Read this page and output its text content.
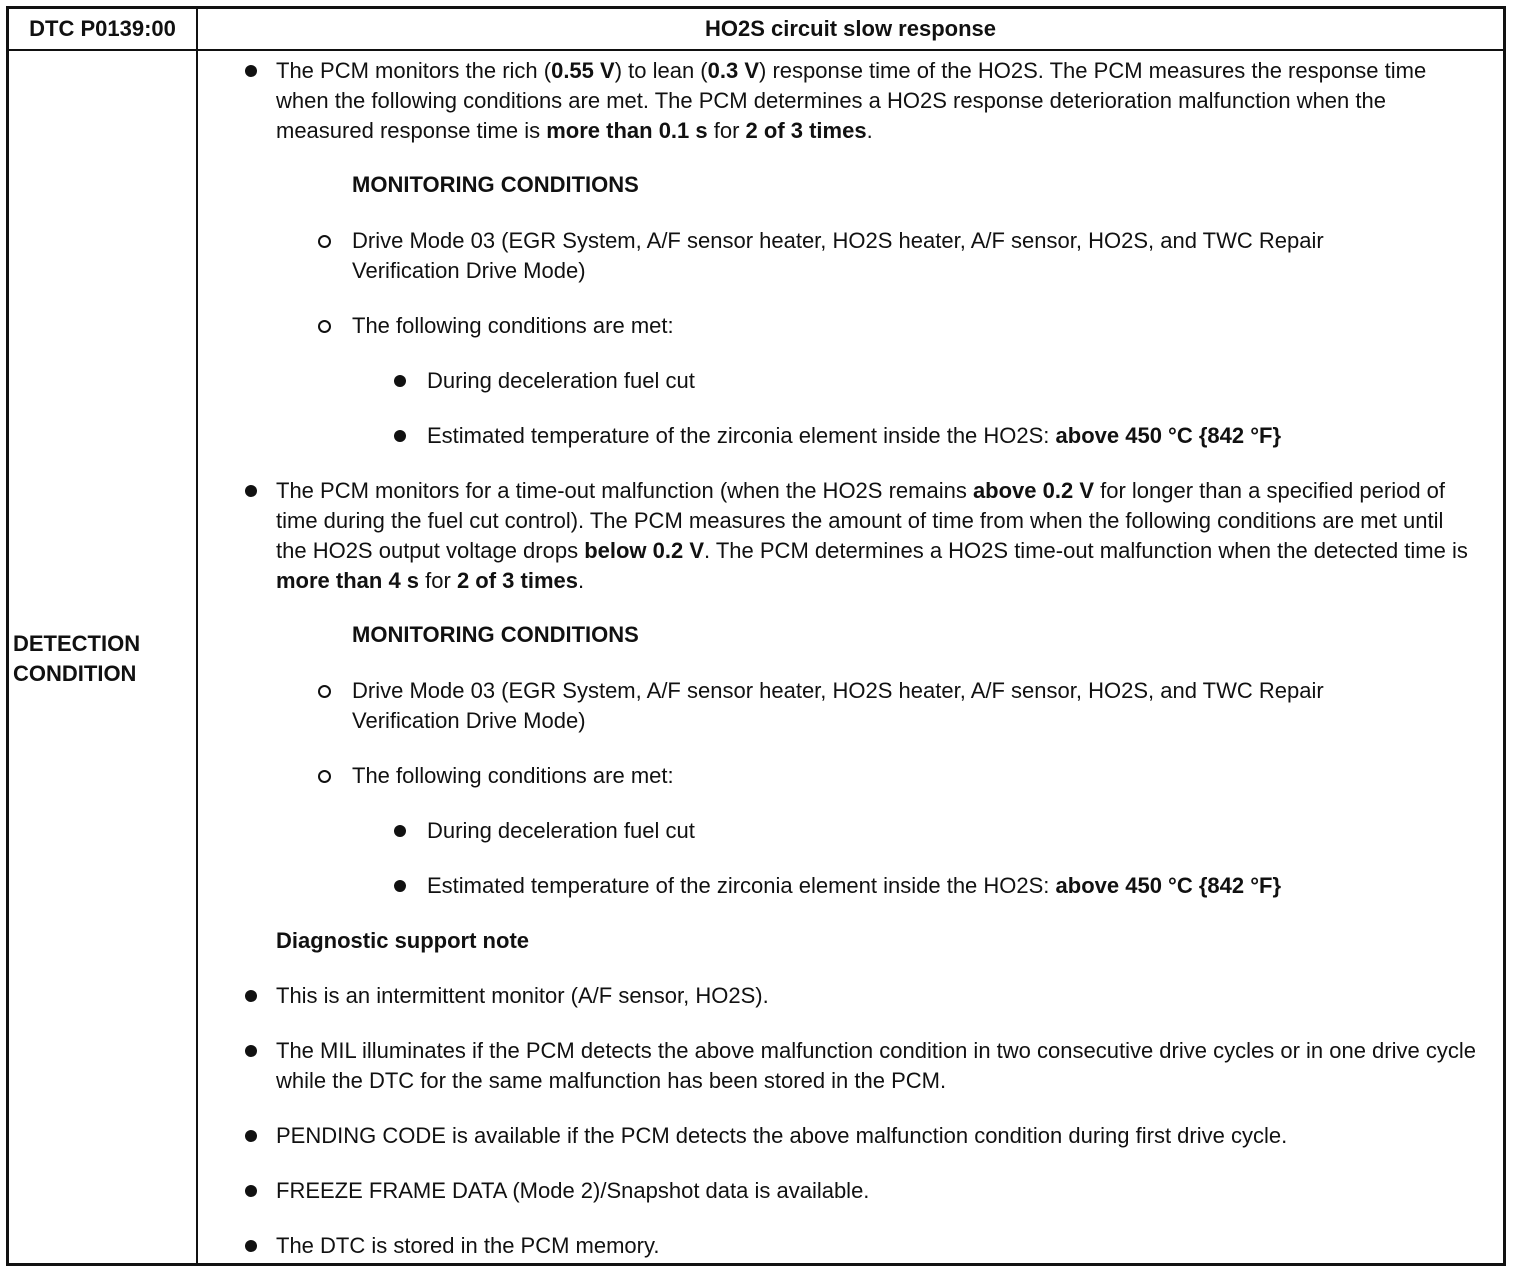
DTC P0139:00	HO2S circuit slow response
DETECTION
CONDITION
The PCM monitors the rich (0.55 V) to lean (0.3 V) response time of the HO2S. The PCM measures the response time when the following conditions are met. The PCM determines a HO2S response deterioration malfunction when the measured response time is more than 0.1 s for 2 of 3 times.
MONITORING CONDITIONS
Drive Mode 03 (EGR System, A/F sensor heater, HO2S heater, A/F sensor, HO2S, and TWC Repair Verification Drive Mode)
The following conditions are met:
During deceleration fuel cut
Estimated temperature of the zirconia element inside the HO2S: above 450 °C {842 °F}
The PCM monitors for a time-out malfunction (when the HO2S remains above 0.2 V for longer than a specified period of time during the fuel cut control). The PCM measures the amount of time from when the following conditions are met until the HO2S output voltage drops below 0.2 V. The PCM determines a HO2S time-out malfunction when the detected time is more than 4 s for 2 of 3 times.
MONITORING CONDITIONS
Drive Mode 03 (EGR System, A/F sensor heater, HO2S heater, A/F sensor, HO2S, and TWC Repair Verification Drive Mode)
The following conditions are met:
During deceleration fuel cut
Estimated temperature of the zirconia element inside the HO2S: above 450 °C {842 °F}
Diagnostic support note
This is an intermittent monitor (A/F sensor, HO2S).
The MIL illuminates if the PCM detects the above malfunction condition in two consecutive drive cycles or in one drive cycle while the DTC for the same malfunction has been stored in the PCM.
PENDING CODE is available if the PCM detects the above malfunction condition during first drive cycle.
FREEZE FRAME DATA (Mode 2)/Snapshot data is available.
The DTC is stored in the PCM memory.
